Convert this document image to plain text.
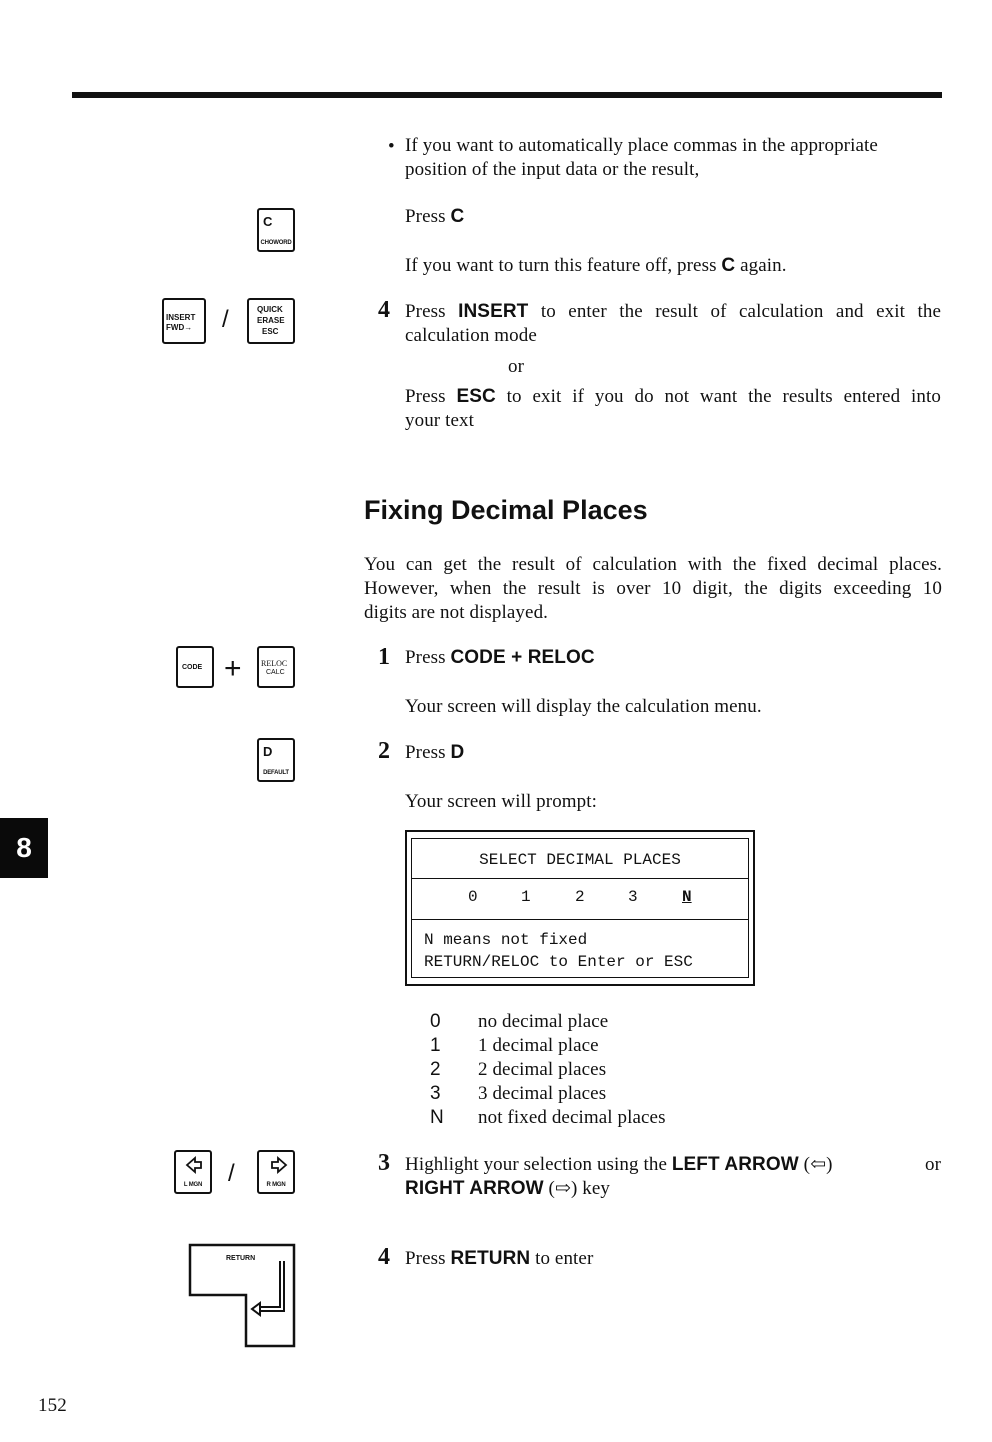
• If you want to automatically place commas in the appropriate
position of the input data or the result,
C
CHOWORD
Press C
If you want to turn this feature off, press C again.
INSERT
FWD→ /	QUICK
ERASE
ESC
4 Press INSERT to enter the result of calculation and exit the
calculation mode
or
Press ESC to exit if you do not want the results entered into
your text
Fixing Decimal Places
You can get the result of calculation with the fixed decimal places.
However, when the result is over 10 digit, the digits exceeding 10
digits are not displayed.
CODE + RELOC
CALC
1 Press CODE + RELOC
Your screen will display the calculation menu.
D
DEFAULT
2 Press D
Your screen will prompt:
8	SELECT DECIMAL PLACES
0	1	2	3	N
N means not fixed
RETURN/RELOC to Enter or ESC
0	no decimal place
1	1 decimal place
2	2 decimal places
3	3 decimal places
N	not fixed decimal places
L MGN	/	R MGN
3 Highlight your selection using the LEFT ARROW (⇦)	or
RIGHT ARROW (⇨) key
RETURN	4 Press RETURN to enter
152
